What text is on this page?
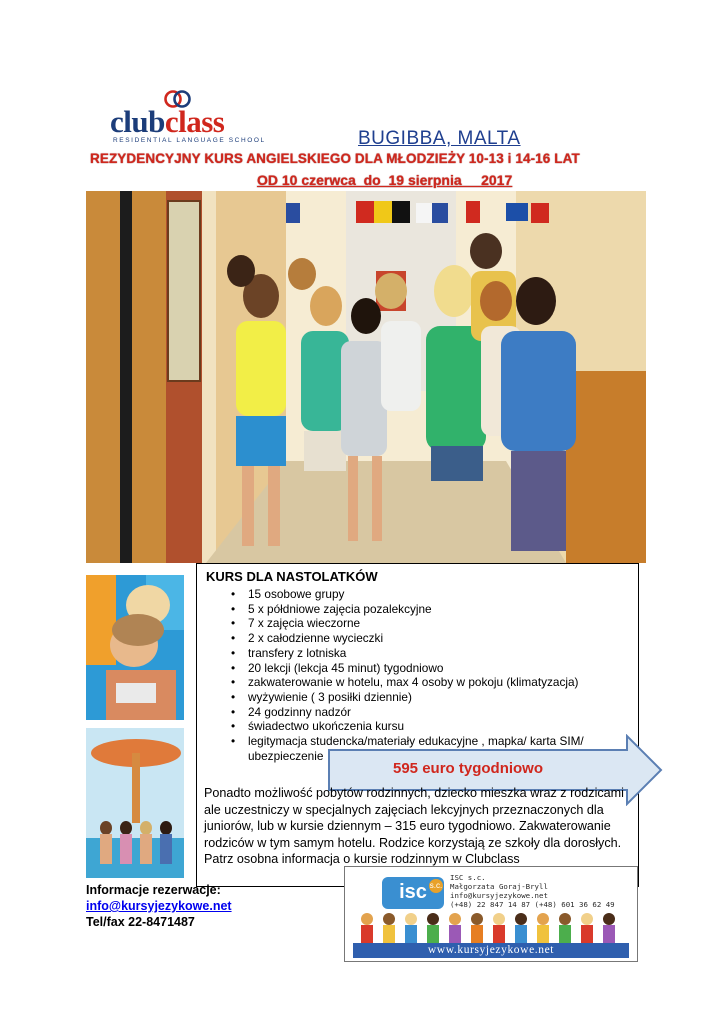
clubclass
RESIDENTIAL LANGUAGE SCHOOL	BUGIBBA, MALTA
REZYDENCYJNY KURS ANGIELSKIEGO DLA MŁODZIEŻY 10-13 i 14-16 LAT
OD 10 czerwca  do  19 sierpnia     2017
KURS DLA NASTOLATKÓW
• 15 osobowe grupy
• 5 x półdniowe zajęcia pozalekcyjne
• 7 x zajęcia wieczorne
• 2 x całodzienne wycieczki
• transfery z lotniska
• 20 lekcji (lekcja 45 minut) tygodniowo
• zakwaterowanie w hotelu, max 4 osoby w pokoju (klimatyzacja)
• wyżywienie ( 3 posiłki dziennie)
• 24 godzinny nadzór
• świadectwo ukończenia kursu
• legitymacja studencka/materiały edukacyjne , mapka/ karta SIM/ ubezpieczenie
595 euro tygodniowo
Ponadto możliwość pobytów rodzinnych, dziecko mieszka wraz z rodzicami ale uczestniczy w specjalnych zajęciach lekcyjnych przeznaczonych dla juniorów, lub w kursie dziennym – 315 euro tygodniowo. Zakwaterowanie rodziców w tym samym hotelu. Rodzice korzystają ze szkoły dla dorosłych. Patrz osobna informacja o kursie rodzinnym w Clubclass
Informacje rezerwacje:
info@kursyjezykowe.net
Tel/fax 22-8471487
isc s.c.
ISC s.c.
Małgorzata Goraj-Bryll
info@kursyjezykowe.net
(+48) 22 847 14 87 (+48) 601 36 62 49
www.kursyjezykowe.net
